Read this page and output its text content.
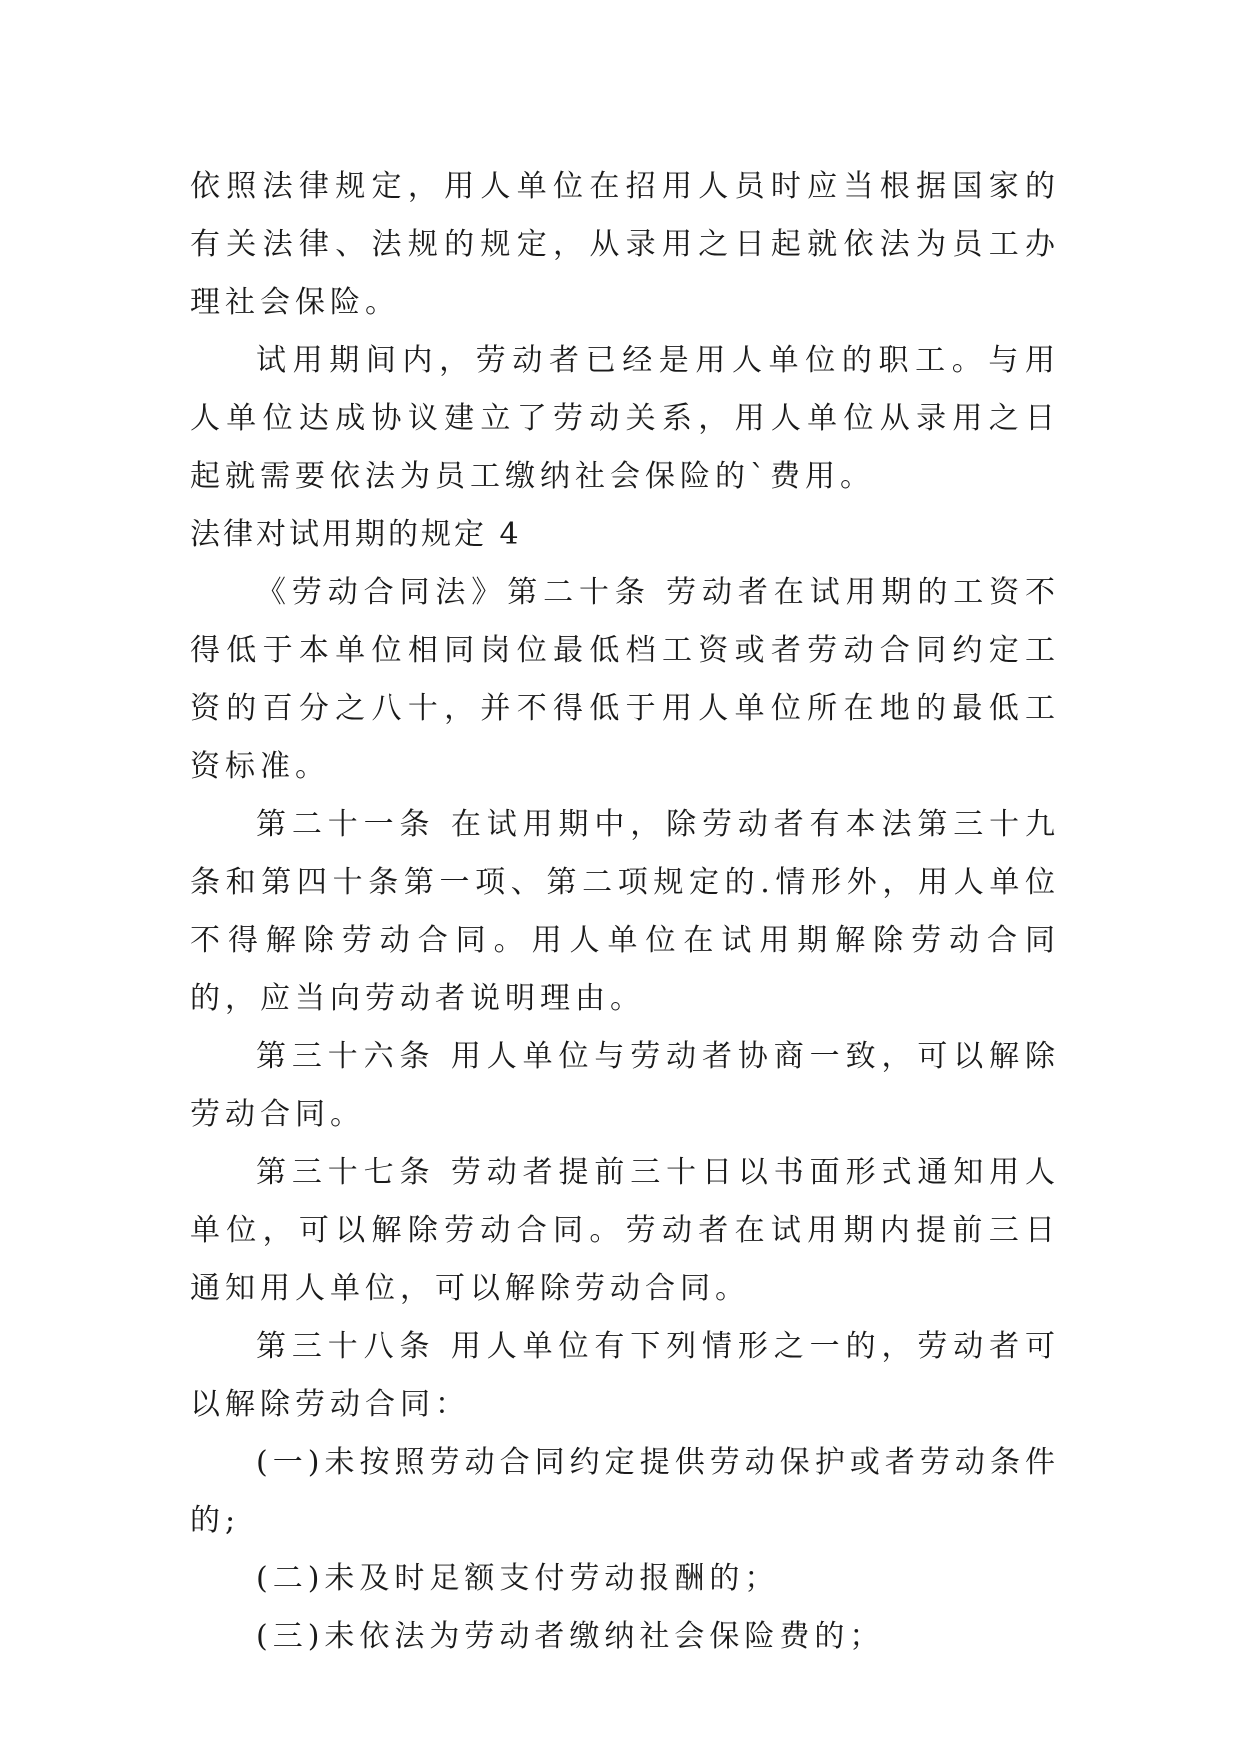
依照法律规定，用人单位在招用人员时应当根据国家的有关法律、法规的规定，从录用之日起就依法为员工办理社会保险。

试用期间内，劳动者已经是用人单位的职工。与用人单位达成协议建立了劳动关系，用人单位从录用之日起就需要依法为员工缴纳社会保险的`费用。

法律对试用期的规定 4

《劳动合同法》第二十条 劳动者在试用期的工资不得低于本单位相同岗位最低档工资或者劳动合同约定工资的百分之八十，并不得低于用人单位所在地的最低工资标准。

第二十一条 在试用期中，除劳动者有本法第三十九条和第四十条第一项、第二项规定的.情形外，用人单位不得解除劳动合同。用人单位在试用期解除劳动合同的，应当向劳动者说明理由。

第三十六条 用人单位与劳动者协商一致，可以解除劳动合同。

第三十七条 劳动者提前三十日以书面形式通知用人单位，可以解除劳动合同。劳动者在试用期内提前三日通知用人单位，可以解除劳动合同。

第三十八条 用人单位有下列情形之一的，劳动者可以解除劳动合同：

(一)未按照劳动合同约定提供劳动保护或者劳动条件的;

(二)未及时足额支付劳动报酬的；

(三)未依法为劳动者缴纳社会保险费的；
